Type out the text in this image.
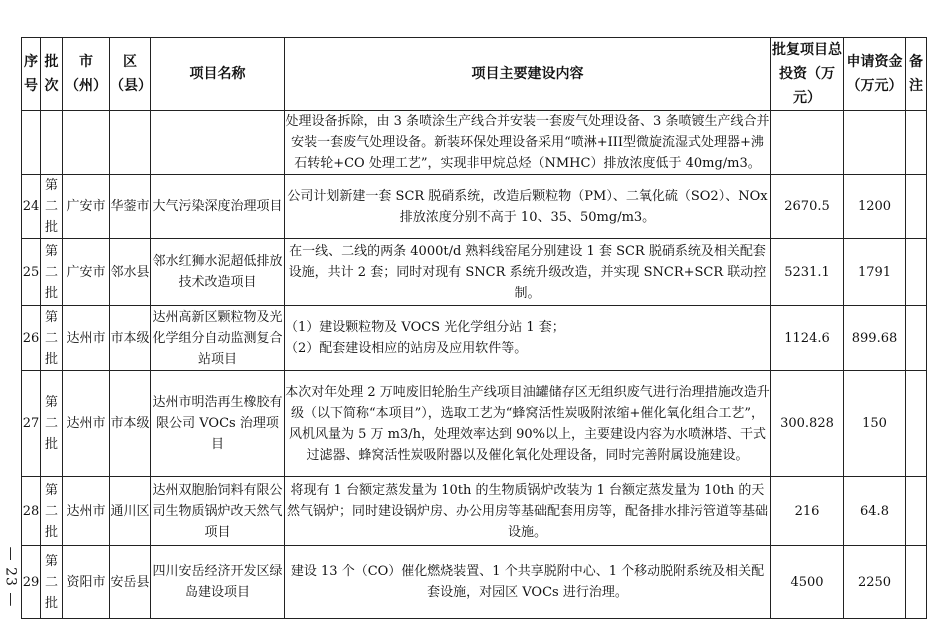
— 23 —
序号	批次	市（州）	区（县）	项目名称	项目主要建设内容	批复项目总投资（万元）	申请资金（万元）	备注
					处理设备拆除，由 3 条喷涂生产线合并安装一套废气处理设备、3 条喷镀生产线合并安装一套废气处理设备。新装环保处理设备采用“喷淋+III型微旋流湿式处理器+沸石转轮+CO 处理工艺”，实现非甲烷总烃（NMHC）排放浓度低于 40mg/m3。			
24	第二批	广安市	华蓥市	大气污染深度治理项目	公司计划新建一套 SCR 脱硝系统，改造后颗粒物（PM）、二氧化硫（SO2）、NOx 排放浓度分别不高于 10、35、50mg/m3。	2670.5	1200	
25	第二批	广安市	邻水县	邻水红狮水泥超低排放技术改造项目	在一线、二线的两条 4000t/d 熟料线窑尾分别建设 1 套 SCR 脱硝系统及相关配套设施，共计 2 套；同时对现有 SNCR 系统升级改造，并实现 SNCR+SCR 联动控制。	5231.1	1791	
26	第二批	达州市	市本级	达州高新区颗粒物及光化学组分自动监测复合站项目	（1）建设颗粒物及 VOCS 光化学组分站 1 套；
（2）配套建设相应的站房及应用软件等。	1124.6	899.68	
27	第二批	达州市	市本级	达州市明浩再生橡胶有限公司 VOCs 治理项目	本次对年处理 2 万吨废旧轮胎生产线项目油罐储存区无组织废气进行治理措施改造升级（以下简称“本项目”），选取工艺为“蜂窝活性炭吸附浓缩+催化氧化组合工艺”，风机风量为 5 万 m3/h，处理效率达到 90%以上，主要建设内容为水喷淋塔、干式过滤器、蜂窝活性炭吸附器以及催化氧化处理设备，同时完善附属设施建设。	300.828	150	
28	第二批	达州市	通川区	达州双胞胎饲料有限公司生物质锅炉改天然气项目	将现有 1 台额定蒸发量为 10th 的生物质锅炉改装为 1 台额定蒸发量为 10th 的天然气锅炉；同时建设锅炉房、办公用房等基础配套用房等，配备排水排污管道等基础设施。	216	64.8	
29	第二批	资阳市	安岳县	四川安岳经济开发区绿岛建设项目	建设 13 个（CO）催化燃烧装置、1 个共享脱附中心、1 个移动脱附系统及相关配套设施，对园区 VOCs 进行治理。	4500	2250	
